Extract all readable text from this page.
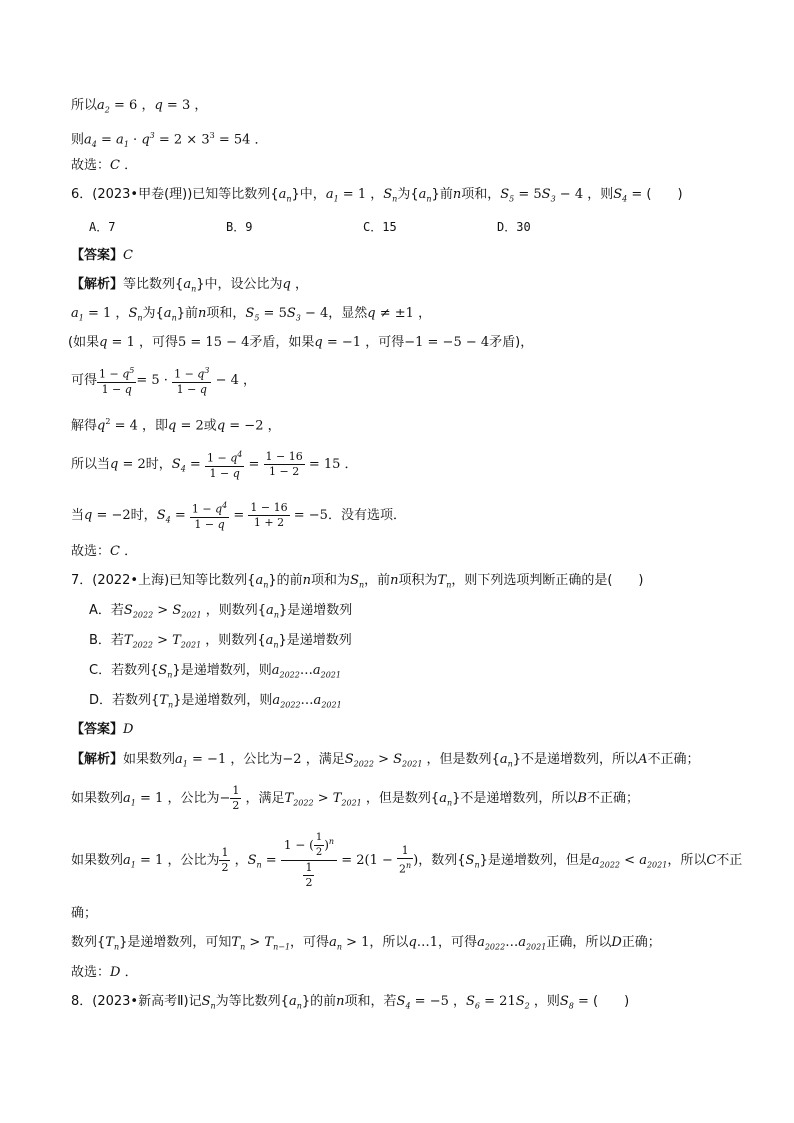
所以$a_2 = 6$ ，q = 3 ，
则$a_4 = a_1 \cdot q^3 = 2 \times 3^3 = 54$ ．
故选：C ．
6．(2023•甲卷(理))已知等比数列$\{a_n\}$中，$a_1 = 1$ ，$S_n$为$\{a_n\}$前n项和，$S_5 = 5S_3 - 4$ ，则$S_4$ = (　　)
A．7	B．9	C．15	D．30
【答案】C
【解析】等比数列$\{a_n\}$中，设公比为q ，
$a_1 = 1$ ，$S_n$为$\{a_n\}$前n项和，$S_5 = 5S_3 - 4$，显然q ≠ ±1 ，
(如果q = 1 ，可得5 = 15 − 4矛盾，如果q = −1 ，可得−1 = −5 − 4矛盾)，
可得 $\frac{1 - q^5}{1 - q} = 5 \cdot \frac{1 - q^3}{1 - q} - 4$ ，
解得$q^2 = 4$ ，即q = 2或q = −2 ，
所以当q = 2时，$S_4 = \frac{1 - q^4}{1 - q} = \frac{1 - 16}{1 - 2} = 15$ ．
当q = −2时，$S_4 = \frac{1 - q^4}{1 - q} = \frac{1 - 16}{1 + 2} = -5$．没有选项．
故选：C ．
7．(2022•上海)已知等比数列$\{a_n\}$的前n项和为$S_n$，前n项积为$T_n$，则下列选项判断正确的是(　　)
A．若$S_{2022} > S_{2021}$ ，则数列$\{a_n\}$是递增数列
B．若$T_{2022} > T_{2021}$ ，则数列$\{a_n\}$是递增数列
C．若数列$\{S_n\}$是递增数列，则$a_{2022}\dots a_{2021}$
D．若数列$\{T_n\}$是递增数列，则$a_{2022}\dots a_{2021}$
【答案】D
【解析】如果数列$a_1 = -1$ ，公比为−2 ，满足$S_{2022} > S_{2021}$ ，但是数列$\{a_n\}$不是递增数列，所以A不正确；
如果数列$a_1 = 1$ ，公比为− $\frac{1}{2}$ ，满足$T_{2022} > T_{2021}$ ，但是数列$\{a_n\}$不是递增数列，所以B不正确；
如果数列$a_1 = 1$ ，公比为 $\frac{1}{2}$ ，$S_n = \frac{1 - ( \frac{1}{2} )^n}{\frac{1}{2}} = 2(1 - \frac{1}{2^n}$ )，数列$\{S_n\}$是递增数列，但是$a_{2022} < a_{2021}$，所以C不正
确；
数列$\{T_n\}$是递增数列，可知$T_n > T_{n-1}$，可得$a_n > 1$，所以q…1，可得$a_{2022}\dots a_{2021}$正确，所以D正确；
故选：D ．
8．(2023•新高考Ⅱ)记$S_n$为等比数列$\{a_n\}$的前n项和，若$S_4 = -5$ ，$S_6 = 21S_2$ ，则$S_8$ = (　　)
